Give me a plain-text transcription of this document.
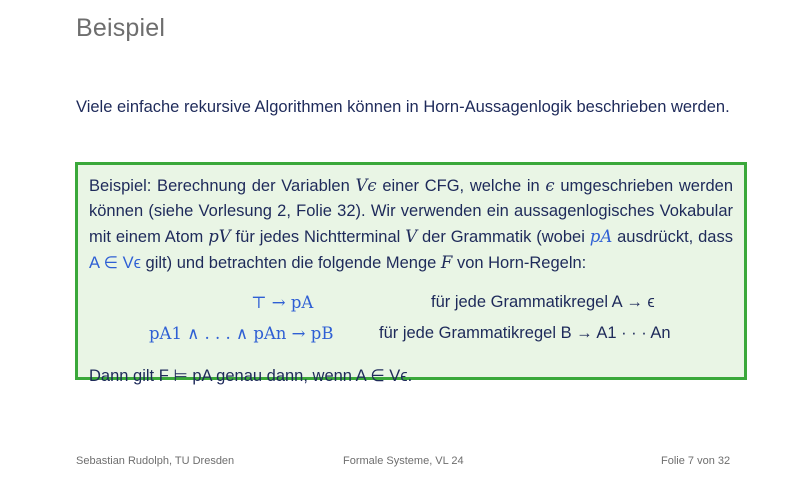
Beispiel
Viele einfache rekursive Algorithmen können in Horn-Aussagenlogik beschrieben werden.

Beispiel: Berechnung der Variablen Vϵ einer CFG, welche in ϵ umgeschrieben werden können (siehe Vorlesung 2, Folie 32). Wir verwenden ein aussagenlogisches Vokabular mit einem Atom pV für jedes Nichtterminal V der Grammatik (wobei pA ausdrückt, dass A ∈ Vϵ gilt) und betrachten die folgende Menge F von Horn-Regeln:

⊤ → pA	für jede Grammatikregel A → ϵ
pA1 ∧ . . . ∧ pAn → pB	für jede Grammatikregel B → A1 · · · An

Dann gilt F ⊨ pA genau dann, wenn A ∈ Vϵ.

Sebastian Rudolph, TU Dresden	Formale Systeme, VL 24	Folie 7 von 32
